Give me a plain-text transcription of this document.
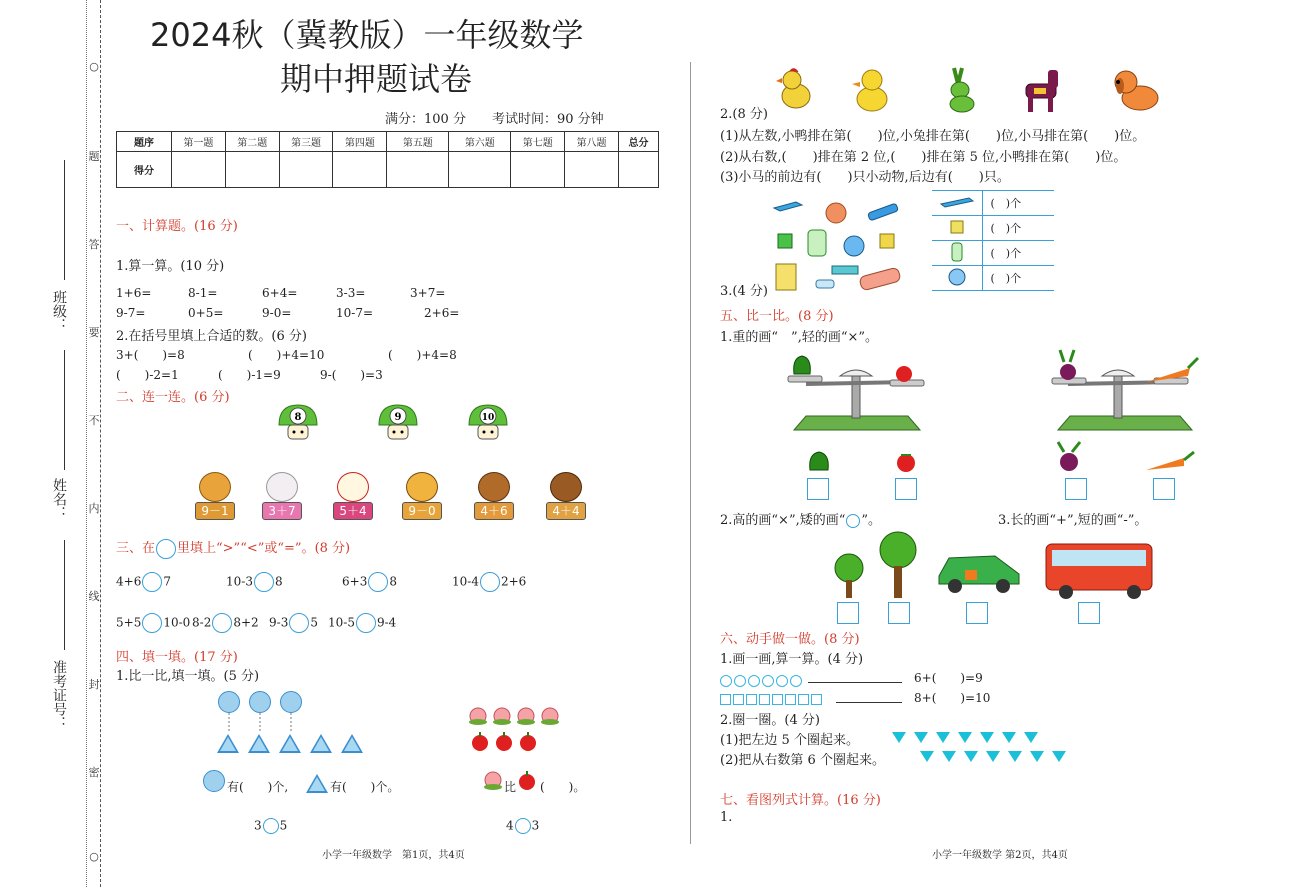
○
题
答
要
不
内
线
封
密
○
班级：
姓名：
准考证号：
2024秋（冀教版）一年级数学
期中押题试卷
满分：100 分　　考试时间：90 分钟
题序	第一题	第二题	第三题	第四题	第五题	第六题	第七题	第八题	总分
得分									
一、计算题。(16 分)
1.算一算。(10 分)
1+6=	8-1=	6+4=	3-3=	3+7=
9-7=	0+5=	9-0=	10-7=	2+6=
2.在括号里填上合适的数。(6 分)
3+(　　)=8	(　　)+4=10	(　　)+4=8
(　　)-2=1	(　　)-1=9	9-(　　)=3
二、连一连。(6 分)
8	9	10
9－1	3＋7	5＋4	9－0	4＋6	4＋4
三、在 里填上“>”“<”或“=”。(8 分)
4+6 7	10-3 8	6+3 8	10-4 2+6
5+5 10-0 8-2 8+2 9-3 5 10-5 9-4
四、填一填。(17 分)
1.比一比,填一填。(5 分)
有(　　)个,	有(　　)个。
3 5
比 (　　)。
4 3
小学一年级数学　第1页，共4页
2.(8 分)
(1)从左数,小鸭排在第(　　)位,小兔排在第(　　)位,小马排在第(　　)位。
(2)从右数,(　　)排在第 2 位,(　　)排在第 5 位,小鸭排在第(　　)位。
(3)小马的前边有(　　)只小动物,后边有(　　)只。
3.(4 分)
	(　)个
	(　)个
	(　)个
	(　)个
五、比一比。(8 分)
1.重的画“　”,轻的画“×”。
2.高的画“×”,矮的画“ ”。	3.长的画“+”,短的画“-”。
六、动手做一做。(8 分)
1.画一画,算一算。(4 分)
6+(　　)=9
8+(　　)=10
2.圈一圈。(4 分)
(1)把左边 5 个圈起来。
(2)把从右数第 6 个圈起来。
七、看图列式计算。(16 分)
1.
小学一年级数学 第2页，共4页
